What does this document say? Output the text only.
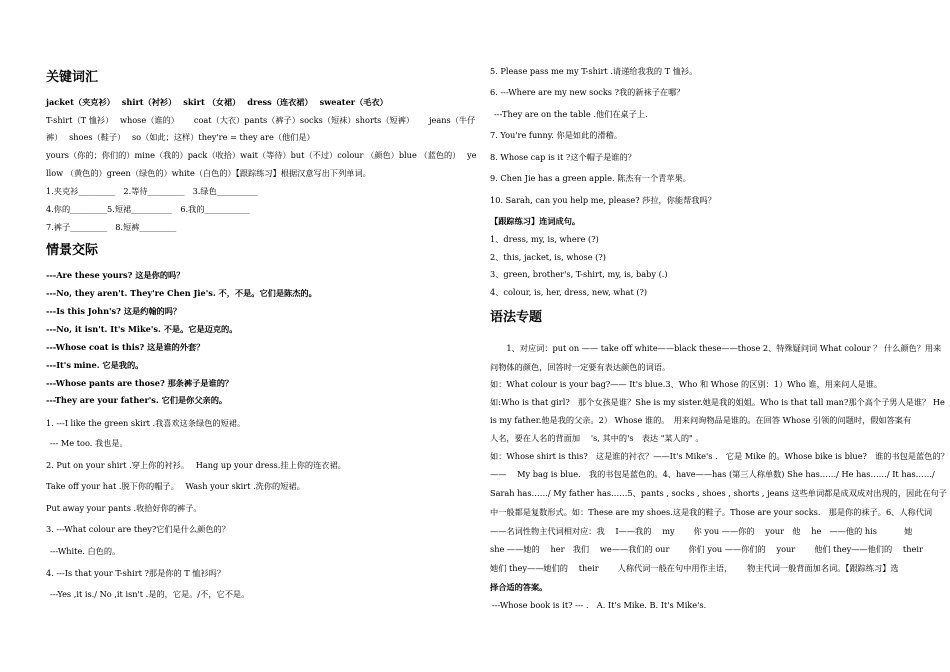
关键词汇
jacket（夹克衫）　 shirt（衬衫）　 skirt （女裙）　 dress（连衣裙）　 sweater（毛衣）
T-shirt（T 恤衫）　 whose（谁的）　　 coat（大衣）pants（裤子）socks（短袜）shorts（短裤）　　 jeans（牛仔
裤）　 shoes（鞋子）　 so（如此；这样）they're = they are（他们是）
yours（你的；你们的）mine（我的）pack（收拾）wait（等待）but（不过）colour （颜色）blue （蓝色的）　 ye
llow （黄色的）green（绿色的）white（白色的）【跟踪练习】根据汉意写出下列单词。
1.夹克衫_________　2.等待_________　3.绿色__________
4.你的_________5.短裙__________　6.我的___________
7.裤子_________　8.短裤_________
情景交际
---Are these yours? 这是你的吗？
---No, they aren't. They're Chen Jie's. 不，不是。它们是陈杰的。
---Is this John's? 这是约翰的吗？
---No, it isn't. It's Mike's. 不是。它是迈克的。
---Whose coat is this? 这是谁的外套？
---It's mine. 它是我的。
---Whose pants are those? 那条裤子是谁的？
---They are your father's. 它们是你父亲的。
1. ---I like the green skirt .我喜欢这条绿色的短裙。
--- Me too. 我也是。
2. Put on your shirt .穿上你的衬衫。　 Hang up your dress.挂上你的连衣裙。
Take off your hat .脱下你的帽子。　 Wash your skirt .洗你的短裙。
Put away your pants .收拾好你的裤子。
3. ---What colour are they?它们是什么颜色的？
---White. 白色的。
4. ---Is that your T-shirt ?那是你的 T 恤衫吗？
---Yes ,it is./ No ,it isn't .是的，它是。/不，它不是。
5. Please pass me my T-shirt .请递给我我的 T 恤衫。
6. ---Where are my new socks ?我的新袜子在哪？
---They are on the table .他们在桌子上.
7. You're funny. 你是如此的滑稽。
8. Whose cap is it ?这个帽子是谁的？
9. Chen Jie has a green apple. 陈杰有一个青苹果。
10. Sarah, can you help me, please? 莎拉，你能帮我吗？
【跟踪练习】连词成句。
1、dress, my, is, where (?)
2、this, jacket, is, whose (?)
3、green, brother's, T-shirt, my, is, baby (.)
4、colour, is, her, dress, new, what (?)
语法专题
　　1、对应词：put on —— take off white——black these——those 2、特殊疑问词 What colour ？ 什么颜色？用来
问物体的颜色，回答时一定要有表达颜色的词语。
如：What colour is your bag?—— It's blue.3、Who 和 Whose 的区别：1）Who 谁，用来问人是谁。
如:Who is that girl?　那个女孩是谁？She is my sister.她是我的姐姐。Who is that tall man?那个高个子男人是谁？ He
is my father.他是我的父亲。2） Whose 谁的。　用来问询物品是谁的。在回答 Whose 引领的问题时，假如答案有
人名，要在人名的背面加　 's, 其中的's　表达 "某人的" 。
如：Whose shirt is this?　这是谁的衬衣？——It's Mike's .　它是 Mike 的。Whose bike is blue?　谁的书包是蓝色的？
——　 My bag is blue.　我的书包是蓝色的。4、have——has (第三人称单数) She has……/ He has……/ It has……/
Sarah has……/ My father has……5、pants , socks , shoes , shorts , jeans 这些单词都是成双成对出现的，因此在句子
中一般都是复数形式。如：These are my shoes.这是我的鞋子。Those are your socks.　那是你的袜子。6、人称代词
——名词性物主代词相对应：我　 I——我的　 my　　 你 you ——你的　 your　他　 he　——他的 his　　　 她
she ——她的　 her　我们　 we——我们的 our　　 你们 you ——你们的　 your　　 他们 they——他们的　 their
她们 they——她们的　 their　　 人称代词一般在句中用作主语，　　 物主代词一般背面加名词。【跟踪练习】选
择合适的答案。
---Whose book is it? --- .　A. It's Mike. B. It's Mike's.
